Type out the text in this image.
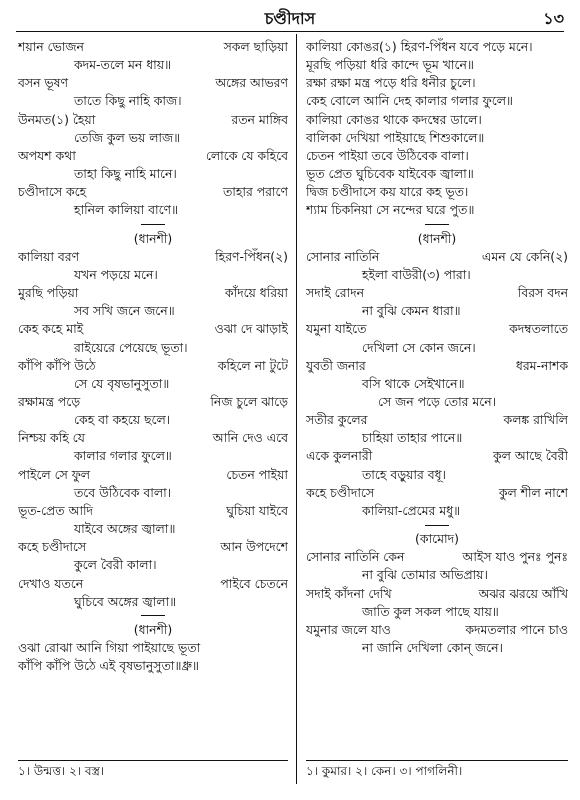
চণ্ডীদাস	১৩
শয়ান ভোজন	সকল ছাড়িয়া
কদম-তলে মন ধায়॥
বসন ভূষণ	অঙ্গের আভরণ
তাতে কিছু নাহি কাজ।
উনমত(১) হৈয়া	রতন মাঙ্গিব
তেজি কুল ভয় লাজ॥
অপযশ কথা	লোকে যে কহিবে
তাহা কিছু নাহি মানে।
চণ্ডীদাসে কহে	তাহার পরাণে
হানিল কালিয়া বাণে॥
(ধানশী)
কালিয়া বরণ	হিরণ-পিঁধন(২)
যখন পড়য়ে মনে।
মুরছি পড়িয়া	কাঁদয়ে ধরিয়া
সব সখি জনে জনে॥
কেহ কহে মাই	ওঝা দে ঝাড়াই
রাইয়েরে পেয়েছে ভূতা।
কাঁপি কাঁপি উঠে	কহিলে না টুটে
সে যে বৃষভানুসুতা॥
রক্ষামন্ত্র পড়ে	নিজ চুলে ঝাড়ে
কেহ বা কহয়ে ছলে।
নিশ্চয় কহি যে	আনি দেও এবে
কালার গলার ফুলে॥
পাইলে সে ফুল	চেতন পাইয়া
তবে উঠিবেক বালা।
ভূত-প্রেত আদি	ঘুচিয়া যাইবে
যাইবে অঙ্গের জ্বালা॥
কহে চণ্ডীদাসে	আন উপদেশে
কুলে বৈরী কালা।
দেখাও যতনে	পাইবে চেতনে
ঘুচিবে অঙ্গের জ্বালা॥
(ধানশী)
ওঝা রোঝা আনি গিয়া পাইয়াছে ভূতা
কাঁপি কাঁপি উঠে এই বৃষভানুসুতা॥ধ্রু॥
কালিয়া কোঙর(১) হিরণ-পিঁধন যবে পড়ে মনে।
মূরছি পড়িয়া ধরি কান্দে ভূম খানে॥
রক্ষা রক্ষা মন্ত্র পড়ে ধরি ধনীর চুলে।
কেহ বোলে আনি দেহ কালার গলার ফুলে॥
কালিয়া কোঙর থাকে কদম্বের ডালে।
বালিকা দেখিয়া পাইয়াছে শিশুকালে॥
চেতন পাইয়া তবে উঠিবেক বালা।
ভূত প্রেত ঘুচিবেক যাইবেক জ্বালা॥
দ্বিজ চণ্ডীদাসে কয় যারে কহ ভূত।
শ্যাম চিকনিয়া সে নন্দের ঘরে পুত॥
(ধানশী)
সোনার নাতিনি	এমন যে কেনি(২)
হইলা বাউরী(৩) পারা।
সদাই রোদন	বিরস বদন
না বুঝি কেমন ধারা॥
যমুনা যাইতে	কদম্বতলাতে
দেখিলা সে কোন জনে।
যুবতী জনার	ধরম-নাশক
বসি থাকে সেইখানে॥
সে জন পড়ে তোর মনে।
সতীর কুলের	কলঙ্ক রাখিলি
চাহিয়া তাহার পানে॥
একে কুলনারী	কুল আছে বৈরী
তাহে বড়ুয়ার বধূ।
কহে চণ্ডীদাসে	কুল শীল নাশে
কালিয়া-প্রেমের মধু॥
(কামোদ)
সোনার নাতিনি কেন	আইস যাও পুনঃ পুনঃ
না বুঝি তোমার অভিপ্রায়।
সদাই কাঁদনা দেখি	অঝর ঝরয়ে আঁখি
জাতি কুল সকল পাছে যায়॥
যমুনার জলে যাও	কদমতলার পানে চাও
না জানি দেখিলা কোন্ জনে।
১। উন্মত্ত। ২। বস্ত্র।	১। কুমার। ২। কেন। ৩। পাগলিনী।
